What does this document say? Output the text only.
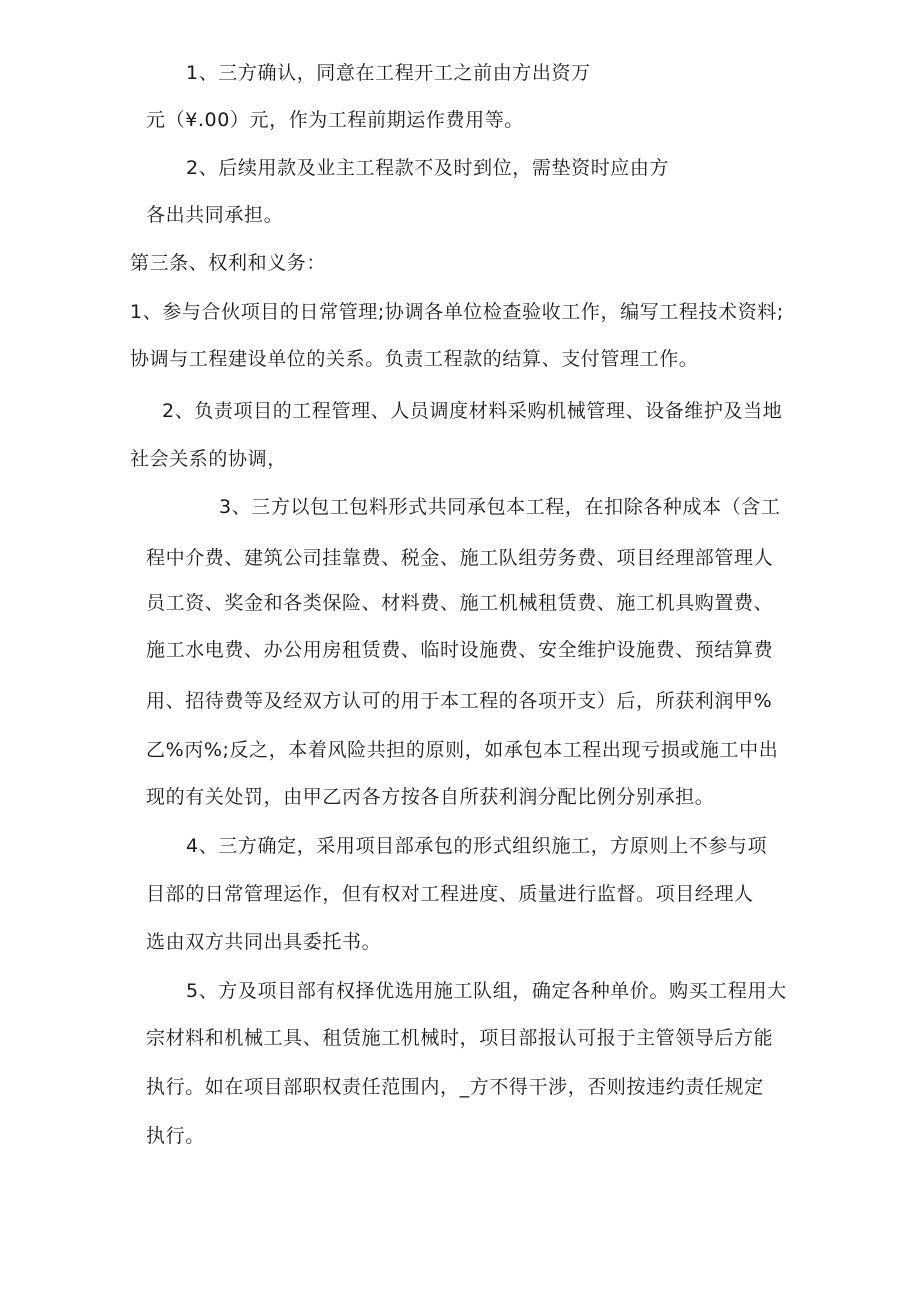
1、三方确认，同意在工程开工之前由方出资万
元（¥.00）元，作为工程前期运作费用等。
2、后续用款及业主工程款不及时到位，需垫资时应由方
各出共同承担。
第三条、权利和义务：
1、参与合伙项目的日常管理;协调各单位检查验收工作，编写工程技术资料;
协调与工程建设单位的关系。负责工程款的结算、支付管理工作。
2、负责项目的工程管理、人员调度材料采购机械管理、设备维护及当地
社会关系的协调，
3、三方以包工包料形式共同承包本工程，在扣除各种成本（含工
程中介费、建筑公司挂靠费、税金、施工队组劳务费、项目经理部管理人
员工资、奖金和各类保险、材料费、施工机械租赁费、施工机具购置费、
施工水电费、办公用房租赁费、临时设施费、安全维护设施费、预结算费
用、招待费等及经双方认可的用于本工程的各项开支）后，所获利润甲%
乙%丙%;反之，本着风险共担的原则，如承包本工程出现亏损或施工中出
现的有关处罚，由甲乙丙各方按各自所获利润分配比例分别承担。
4、三方确定，采用项目部承包的形式组织施工，方原则上不参与项
目部的日常管理运作，但有权对工程进度、质量进行监督。项目经理人
选由双方共同出具委托书。
5、方及项目部有权择优选用施工队组，确定各种单价。购买工程用大
宗材料和机械工具、租赁施工机械时，项目部报认可报于主管领导后方能
执行。如在项目部职权责任范围内，_方不得干涉，否则按违约责任规定
执行。
